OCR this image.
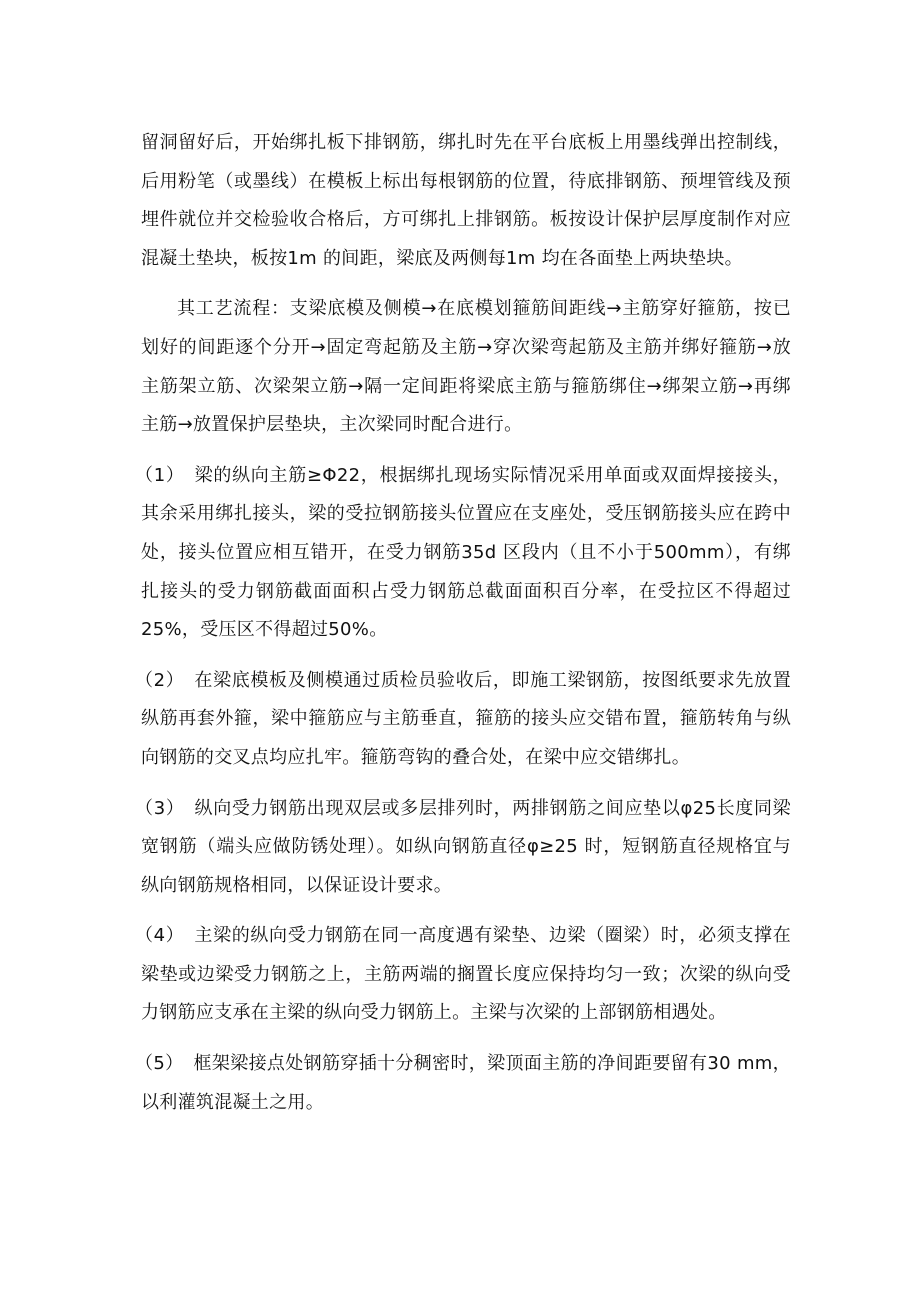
留洞留好后，开始绑扎板下排钢筋，绑扎时先在平台底板上用墨线弹出控制线，后用粉笔（或墨线）在模板上标出每根钢筋的位置，待底排钢筋、预埋管线及预埋件就位并交检验收合格后，方可绑扎上排钢筋。板按设计保护层厚度制作对应混凝土垫块，板按1m 的间距，梁底及两侧每1m 均在各面垫上两块垫块。

其工艺流程：支梁底模及侧模→在底模划箍筋间距线→主筋穿好箍筋，按已划好的间距逐个分开→固定弯起筋及主筋→穿次梁弯起筋及主筋并绑好箍筋→放主筋架立筋、次梁架立筋→隔一定间距将梁底主筋与箍筋绑住→绑架立筋→再绑主筋→放置保护层垫块，主次梁同时配合进行。

（1） 梁的纵向主筋≥Φ22，根据绑扎现场实际情况采用单面或双面焊接接头，其余采用绑扎接头，梁的受拉钢筋接头位置应在支座处，受压钢筋接头应在跨中处，接头位置应相互错开，在受力钢筋35d 区段内（且不小于500mm），有绑扎接头的受力钢筋截面面积占受力钢筋总截面面积百分率，在受拉区不得超过25%，受压区不得超过50%。

（2） 在梁底模板及侧模通过质检员验收后，即施工梁钢筋，按图纸要求先放置纵筋再套外箍，梁中箍筋应与主筋垂直，箍筋的接头应交错布置，箍筋转角与纵向钢筋的交叉点均应扎牢。箍筋弯钩的叠合处，在梁中应交错绑扎。

（3） 纵向受力钢筋出现双层或多层排列时，两排钢筋之间应垫以φ25长度同梁宽钢筋（端头应做防锈处理）。如纵向钢筋直径φ≥25 时，短钢筋直径规格宜与纵向钢筋规格相同，以保证设计要求。

（4） 主梁的纵向受力钢筋在同一高度遇有梁垫、边梁（圈梁）时，必须支撑在梁垫或边梁受力钢筋之上，主筋两端的搁置长度应保持均匀一致；次梁的纵向受力钢筋应支承在主梁的纵向受力钢筋上。主梁与次梁的上部钢筋相遇处。

（5） 框架梁接点处钢筋穿插十分稠密时，梁顶面主筋的净间距要留有30 mm，以利灌筑混凝土之用。
